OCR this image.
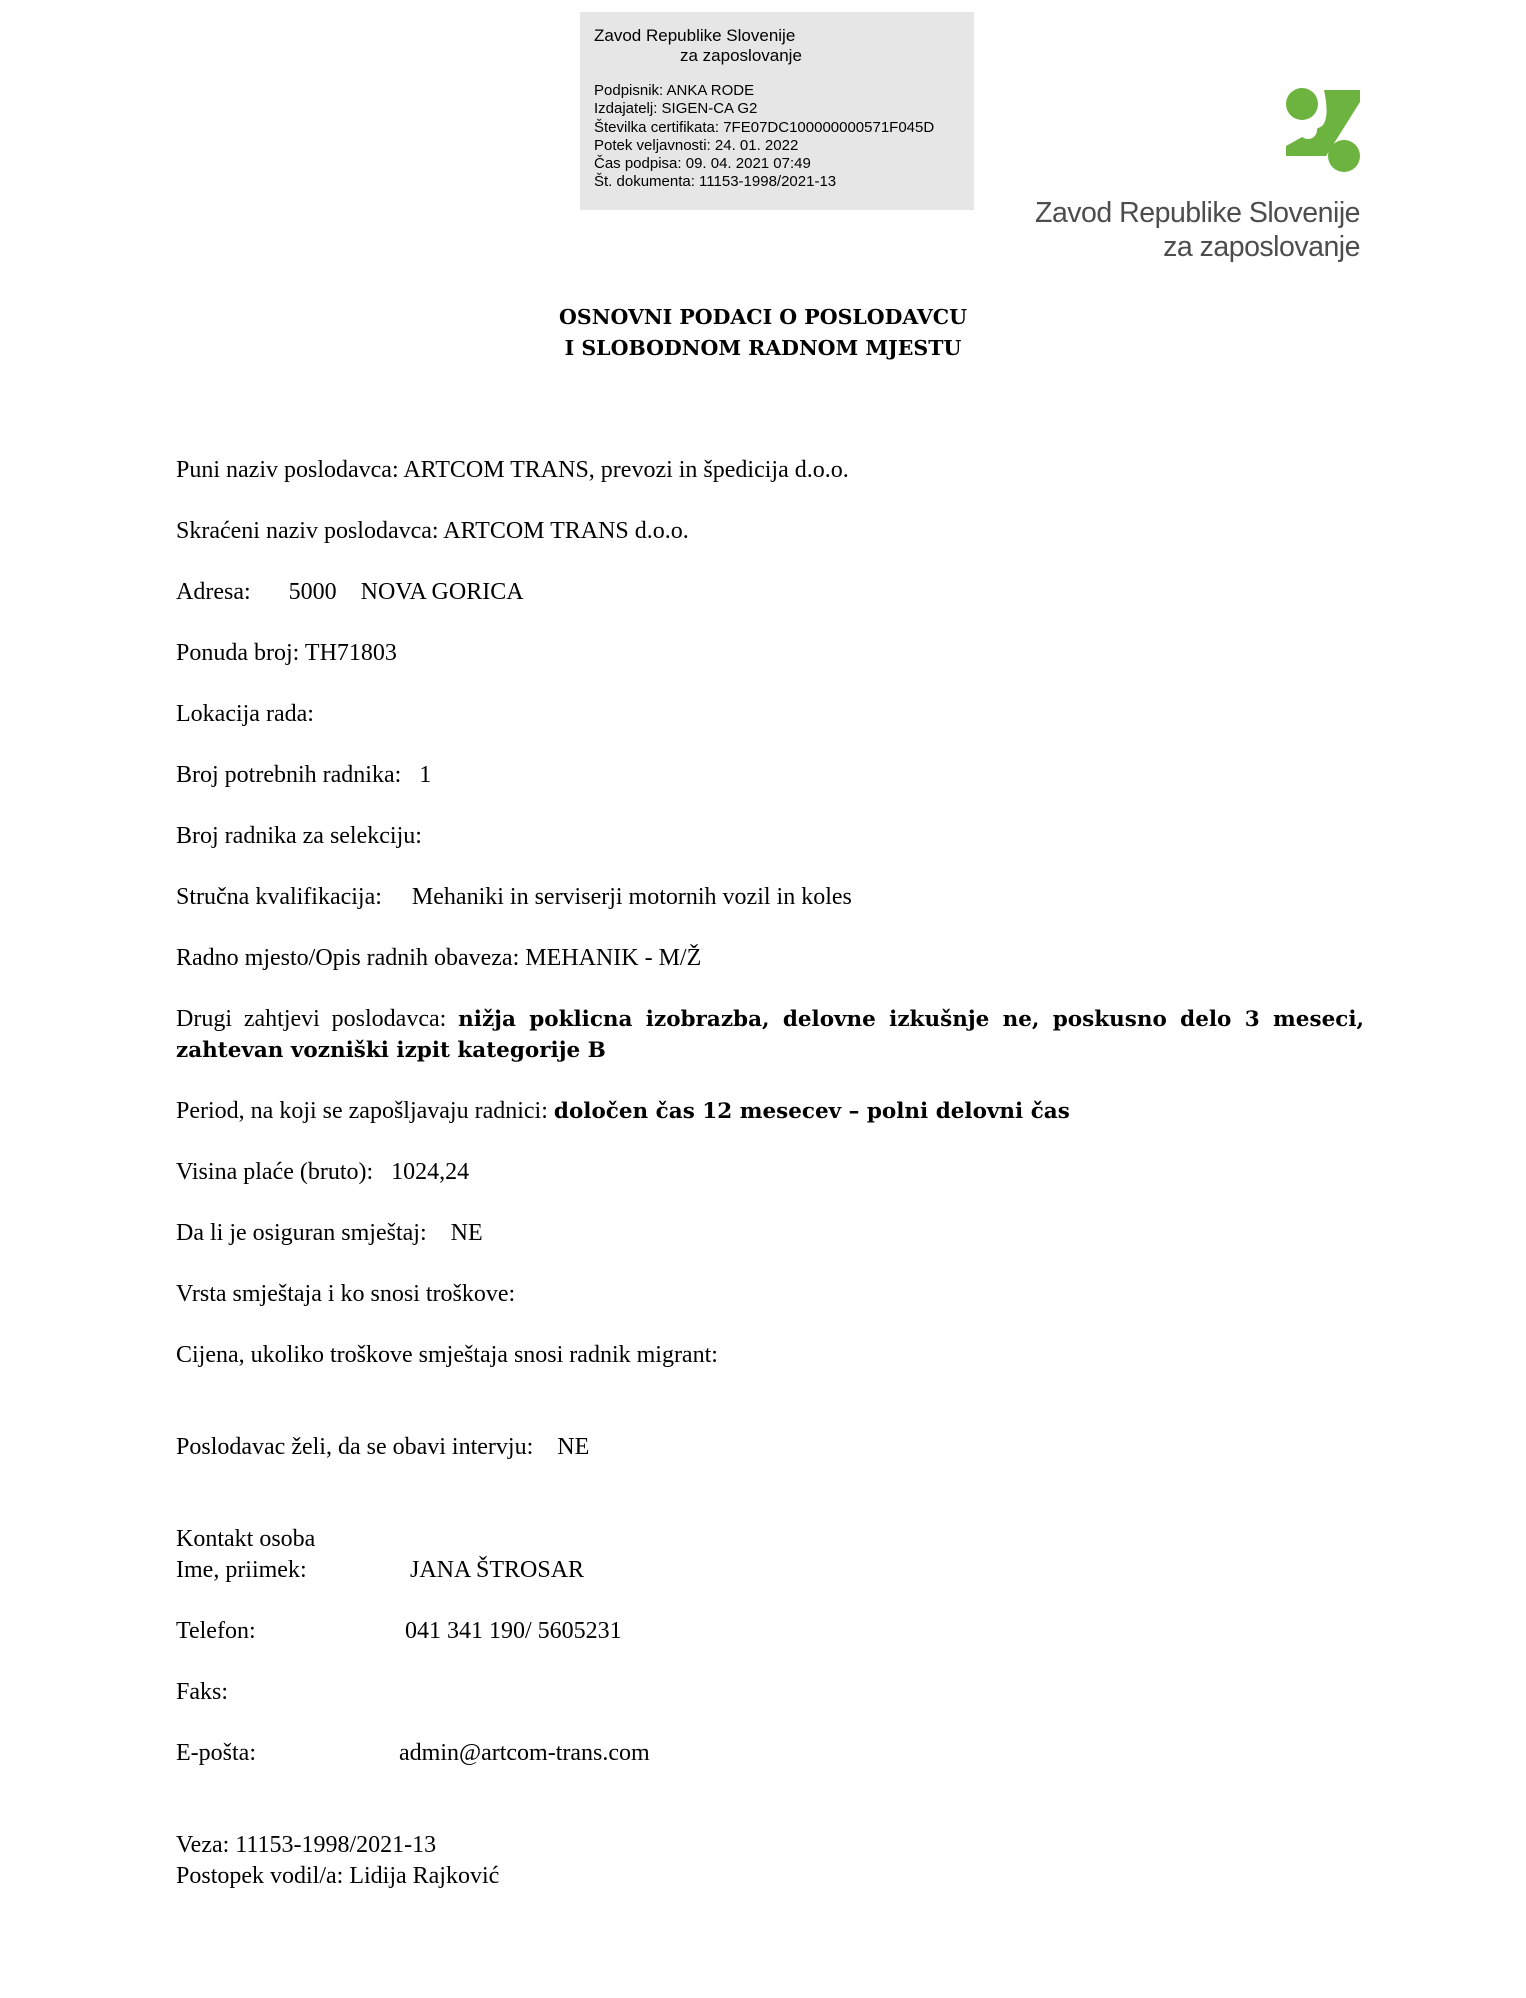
Zavod Republike Slovenije
za zaposlovanje
Podpisnik: ANKA RODE
Izdajatelj: SIGEN-CA G2
Številka certifikata: 7FE07DC100000000571F045D
Potek veljavnosti: 24. 01. 2022
Čas podpisa: 09. 04. 2021 07:49
Št. dokumenta: 11153-1998/2021-13
Zavod Republike Slovenije
za zaposlovanje
OSNOVNI PODACI O POSLODAVCU
I SLOBODNOM RADNOM MJESTU
Puni naziv poslodavca: ARTCOM TRANS, prevozi in špedicija d.o.o.
Skraćeni naziv poslodavca: ARTCOM TRANS d.o.o.
Adresa: 5000 NOVA GORICA
Ponuda broj: TH71803
Lokacija rada:
Broj potrebnih radnika: 1
Broj radnika za selekciju:
Stručna kvalifikacija: Mehaniki in serviserji motornih vozil in koles
Radno mjesto/Opis radnih obaveza: MEHANIK - M/Ž
Drugi zahtjevi poslodavca: nižja poklicna izobrazba, delovne izkušnje ne, poskusno delo 3 meseci, zahtevan vozniški izpit kategorije B
Period, na koji se zapošljavaju radnici: določen čas 12 mesecev – polni delovni čas
Visina plaće (bruto): 1024,24
Da li je osiguran smještaj: NE
Vrsta smještaja i ko snosi troškove:
Cijena, ukoliko troškove smještaja snosi radnik migrant:
Poslodavac želi, da se obavi intervju: NE
Kontakt osoba
Ime, priimek:	JANA ŠTROSAR
Telefon:	041 341 190/ 5605231
Faks:
E-pošta:	admin@artcom-trans.com
Veza: 11153-1998/2021-13
Postopek vodil/a: Lidija Rajković
